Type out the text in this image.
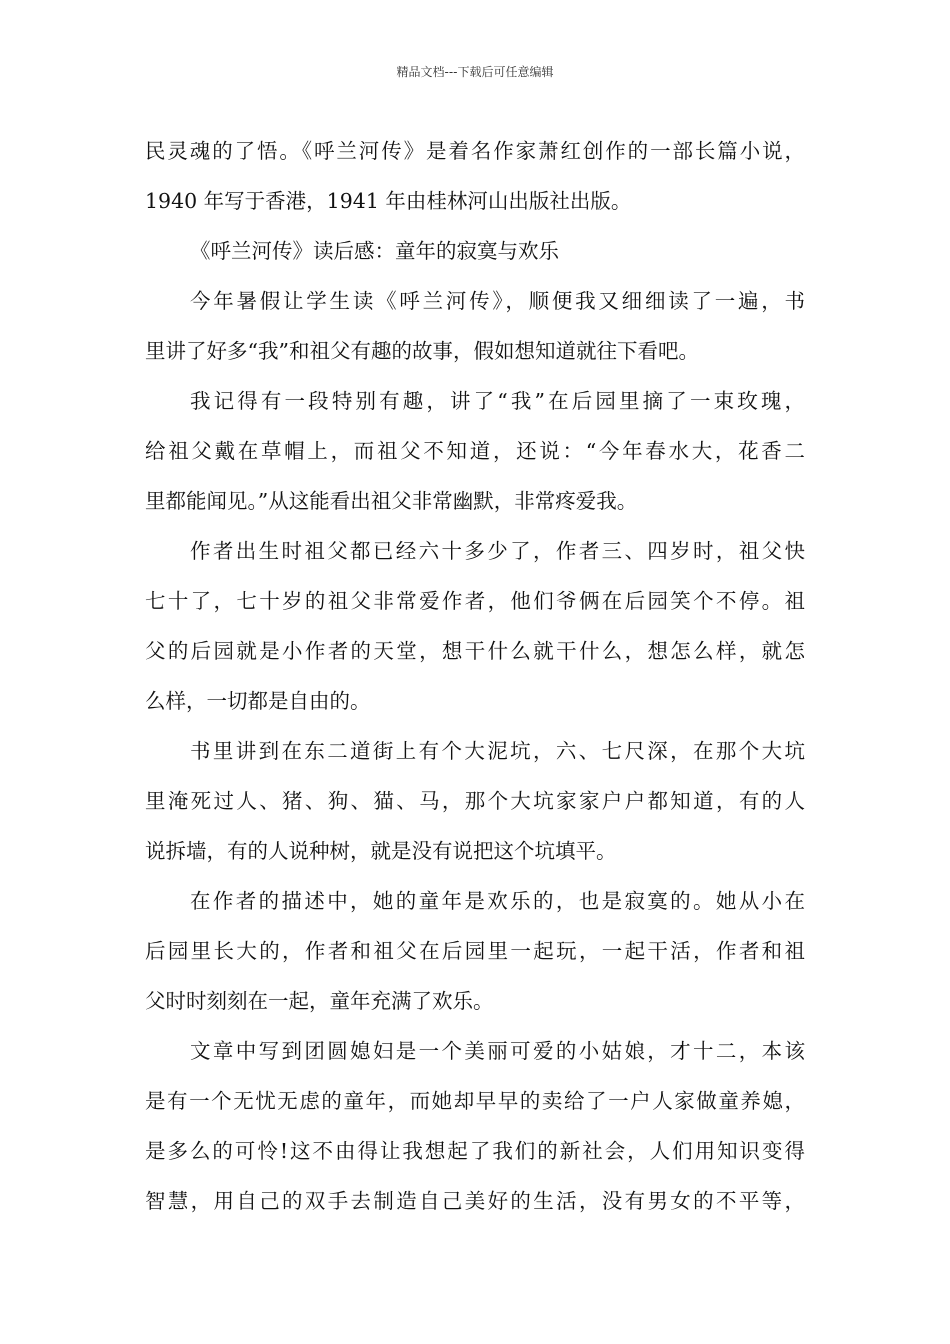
精品文档---下载后可任意编辑
民灵魂的了悟。《呼兰河传》是着名作家萧红创作的一部长篇小说，
1940 年写于香港，1941 年由桂林河山出版社出版。
《呼兰河传》读后感：童年的寂寞与欢乐
今年暑假让学生读《呼兰河传》，顺便我又细细读了一遍，书
里讲了好多“我”和祖父有趣的故事，假如想知道就往下看吧。
我记得有一段特别有趣，讲了“我”在后园里摘了一束玫瑰，
给祖父戴在草帽上，而祖父不知道，还说：“今年春水大，花香二
里都能闻见。”从这能看出祖父非常幽默，非常疼爱我。
作者出生时祖父都已经六十多少了，作者三、四岁时，祖父快
七十了，七十岁的祖父非常爱作者，他们爷俩在后园笑个不停。祖
父的后园就是小作者的天堂，想干什么就干什么，想怎么样，就怎
么样，一切都是自由的。
书里讲到在东二道街上有个大泥坑，六、七尺深，在那个大坑
里淹死过人、猪、狗、猫、马，那个大坑家家户户都知道，有的人
说拆墙，有的人说种树，就是没有说把这个坑填平。
在作者的描述中，她的童年是欢乐的，也是寂寞的。她从小在
后园里长大的，作者和祖父在后园里一起玩，一起干活，作者和祖
父时时刻刻在一起，童年充满了欢乐。
文章中写到团圆媳妇是一个美丽可爱的小姑娘，才十二，本该
是有一个无忧无虑的童年，而她却早早的卖给了一户人家做童养媳，
是多么的可怜!这不由得让我想起了我们的新社会，人们用知识变得
智慧，用自己的双手去制造自己美好的生活，没有男女的不平等，
